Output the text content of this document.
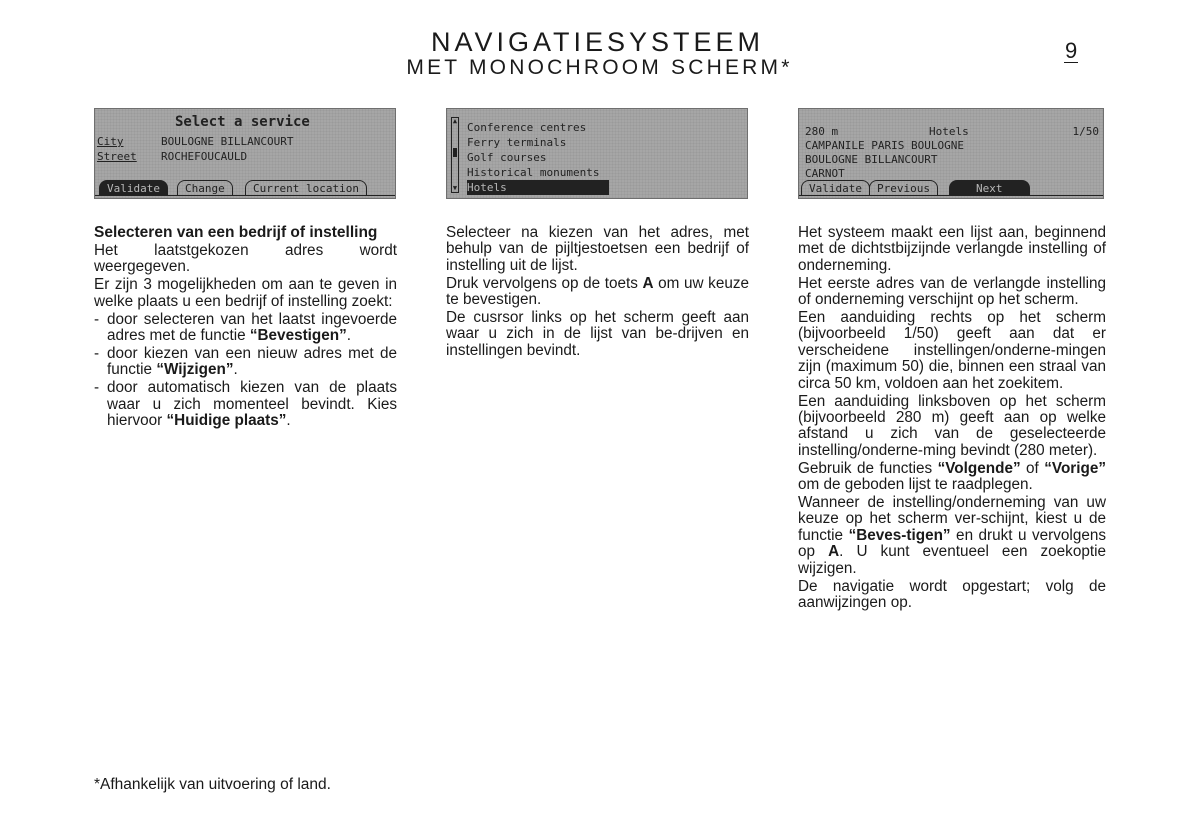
NAVIGATIESYSTEEM
MET MONOCHROOM SCHERM*
9
Select a service
City	BOULOGNE BILLANCOURT
Street ROCHEFOUCAULD
Validate	Change	Current location
▲
▼
Conference centres
Ferry terminals
Golf courses
Historical monuments
Hotels
280 m	Hotels	1/50
CAMPANILE PARIS BOULOGNE
BOULOGNE BILLANCOURT
CARNOT
Validate	Previous	Next

Selecteren van een bedrijf of instelling

Het laatstgekozen adres wordt weergegeven.

Er zijn 3 mogelijkheden om aan te geven in welke plaats u een bedrijf of instelling zoekt:

- door selecteren van het laatst ingevoerde adres met de functie “Bevestigen”.
- door kiezen van een nieuw adres met de functie “Wijzigen”.
- door automatisch kiezen van de plaats waar u zich momenteel bevindt. Kies hiervoor “Huidige plaats”.

Selecteer na kiezen van het adres, met behulp van de pijltjestoetsen een bedrijf of instelling uit de lijst.

Druk vervolgens op de toets A om uw keuze te bevestigen.

De cusrsor links op het scherm geeft aan waar u zich in de lijst van be-drijven en instellingen bevindt.

Het systeem maakt een lijst aan, beginnend met de dichtstbijzijnde verlangde instelling of onderneming.

Het eerste adres van de verlangde instelling of onderneming verschijnt op het scherm.

Een aanduiding rechts op het scherm (bijvoorbeeld 1/50) geeft aan dat er verscheidene instellingen/onderne-mingen zijn (maximum 50) die, binnen een straal van circa 50 km, voldoen aan het zoekitem.

Een aanduiding linksboven op het scherm (bijvoorbeeld 280 m) geeft aan op welke afstand u zich van de geselecteerde instelling/onderne-ming bevindt (280 meter).

Gebruik de functies “Volgende” of “Vorige” om de geboden lijst te raadplegen.

Wanneer de instelling/onderneming van uw keuze op het scherm ver-schijnt, kiest u de functie “Beves-tigen” en drukt u vervolgens op A. U kunt eventueel een zoekoptie wijzigen.

De navigatie wordt opgestart; volg de aanwijzingen op.

*Afhankelijk van uitvoering of land.
